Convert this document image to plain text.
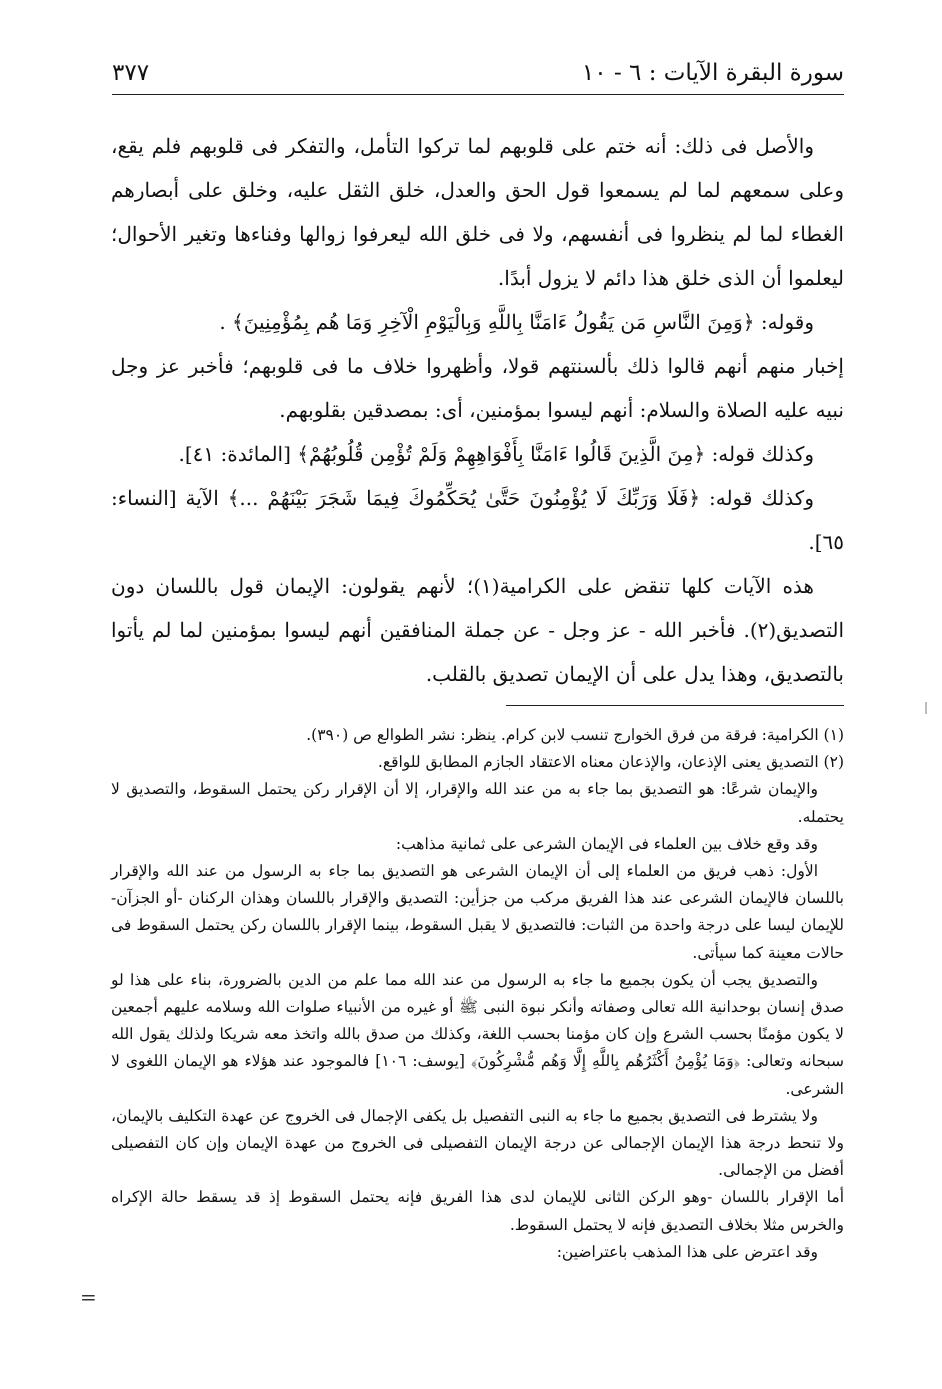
سورة البقرة الآيات : ٦ - ١٠
٣٧٧

والأصل فى ذلك: أنه ختم على قلوبهم لما تركوا التأمل، والتفكر فى قلوبهم فلم يقع، وعلى سمعهم لما لم يسمعوا قول الحق والعدل، خلق الثقل عليه، وخلق على أبصارهم الغطاء لما لم ينظروا فى أنفسهم، ولا فى خلق الله ليعرفوا زوالها وفناءها وتغير الأحوال؛ ليعلموا أن الذى خلق هذا دائم لا يزول أبدًا.

وقوله: ﴿وَمِنَ النَّاسِ مَن يَقُولُ ءَامَنَّا بِاللَّهِ وَبِالْيَوْمِ الْآخِرِ وَمَا هُم بِمُؤْمِنِينَ﴾ .

إخبار منهم أنهم قالوا ذلك بألسنتهم قولا، وأظهروا خلاف ما فى قلوبهم؛ فأخبر عز وجل نبيه عليه الصلاة والسلام: أنهم ليسوا بمؤمنين، أى: بمصدقين بقلوبهم.

وكذلك قوله: ﴿مِنَ الَّذِينَ قَالُوا ءَامَنَّا بِأَفْوَاهِهِمْ وَلَمْ تُؤْمِن قُلُوبُهُمْ﴾ [المائدة: ٤١].

وكذلك قوله: ﴿فَلَا وَرَبِّكَ لَا يُؤْمِنُونَ حَتَّىٰ يُحَكِّمُوكَ فِيمَا شَجَرَ بَيْنَهُمْ ...﴾ الآية [النساء: ٦٥].

هذه الآيات كلها تنقض على الكرامية(١)؛ لأنهم يقولون: الإيمان قول باللسان دون التصديق(٢). فأخبر الله - عز وجل - عن جملة المنافقين أنهم ليسوا بمؤمنين لما لم يأتوا بالتصديق، وهذا يدل على أن الإيمان تصديق بالقلب.

(١) الكرامية: فرقة من فرق الخوارج تنسب لابن كرام. ينظر: نشر الطوالع ص (٣٩٠).

(٢) التصديق يعنى الإذعان، والإذعان معناه الاعتقاد الجازم المطابق للواقع.

والإيمان شرعًا: هو التصديق بما جاء به من عند الله والإقرار، إلا أن الإقرار ركن يحتمل السقوط، والتصديق لا يحتمله.

وقد وقع خلاف بين العلماء فى الإيمان الشرعى على ثمانية مذاهب:

الأول: ذهب فريق من العلماء إلى أن الإيمان الشرعى هو التصديق بما جاء به الرسول من عند الله والإقرار باللسان فالإيمان الشرعى عند هذا الفريق مركب من جزأين: التصديق والإقرار باللسان وهذان الركنان -أو الجزآن- للإيمان ليسا على درجة واحدة من الثبات: فالتصديق لا يقبل السقوط، بينما الإقرار باللسان ركن يحتمل السقوط فى حالات معينة كما سيأتى.

والتصديق يجب أن يكون بجميع ما جاء به الرسول من عند الله مما علم من الدين بالضرورة، بناء على هذا لو صدق إنسان بوحدانية الله تعالى وصفاته وأنكر نبوة النبى ﷺ أو غيره من الأنبياء صلوات الله وسلامه عليهم أجمعين لا يكون مؤمنًا بحسب الشرع وإن كان مؤمنا بحسب اللغة، وكذلك من صدق بالله واتخذ معه شريكا ولذلك يقول الله سبحانه وتعالى: ﴿وَمَا يُؤْمِنُ أَكْثَرُهُم بِاللَّهِ إِلَّا وَهُم مُّشْرِكُونَ﴾ [يوسف: ١٠٦] فالموجود عند هؤلاء هو الإيمان اللغوى لا الشرعى.

ولا يشترط فى التصديق بجميع ما جاء به النبى التفصيل بل يكفى الإجمال فى الخروج عن عهدة التكليف بالإيمان، ولا تنحط درجة هذا الإيمان الإجمالى عن درجة الإيمان التفصيلى فى الخروج من عهدة الإيمان وإن كان التفصيلى أفضل من الإجمالى.

أما الإقرار باللسان -وهو الركن الثانى للإيمان لدى هذا الفريق فإنه يحتمل السقوط إذ قد يسقط حالة الإكراه والخرس مثلا بخلاف التصديق فإنه لا يحتمل السقوط.

وقد اعترض على هذا المذهب باعتراضين:

=
